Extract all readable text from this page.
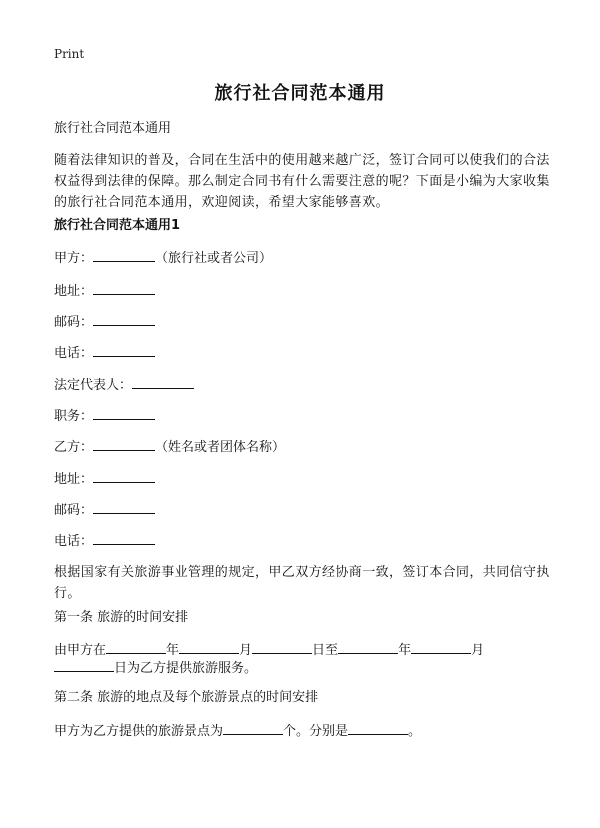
Print
旅行社合同范本通用
旅行社合同范本通用
随着法律知识的普及，合同在生活中的使用越来越广泛，签订合同可以使我们的合法权益得到法律的保障。那么制定合同书有什么需要注意的呢？下面是小编为大家收集的旅行社合同范本通用，欢迎阅读，希望大家能够喜欢。
旅行社合同范本通用1
甲方：	（旅行社或者公司）
地址：
邮码：
电话：
法定代表人：
职务：
乙方：	（姓名或者团体名称）
地址：
邮码：
电话：
根据国家有关旅游事业管理的规定，甲乙双方经协商一致，签订本合同，共同信守执行。
第一条 旅游的时间安排
由甲方在	年	月	日至	年	月
日为乙方提供旅游服务。
第二条 旅游的地点及每个旅游景点的时间安排
甲方为乙方提供的旅游景点为	个。分别是	。
